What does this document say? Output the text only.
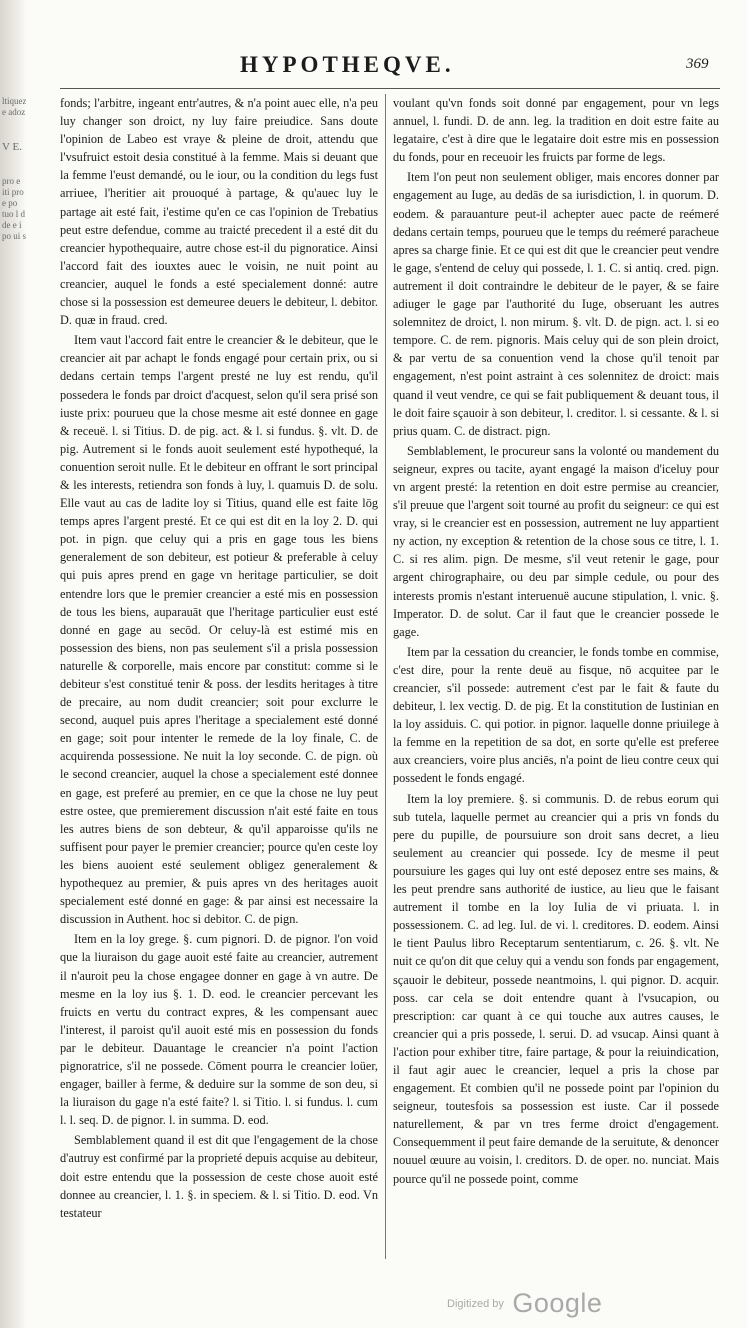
ltiquez e adoz
V E.
pro e iti pro e po tuo l d de e i po ui s
HYPOTHEQVE.	369

fonds; l'arbitre, ingeant entr'autres, & n'a point auec elle, n'a peu luy changer son droict, ny luy faire preiudice. Sans doute l'opinion de Labeo est vraye & pleine de droit, attendu que l'vsufruict estoit desia constitué à la femme. Mais si deuant que la femme l'eust demandé, ou le iour, ou la condition du legs fust arriuee, l'heritier ait prouoqué à partage, & qu'auec luy le partage ait esté fait, i'estime qu'en ce cas l'opinion de Trebatius peut estre defendue, comme au traicté precedent il a esté dit du creancier hypothequaire, autre chose est-il du pignoratice. Ainsi l'accord fait des iouxtes auec le voisin, ne nuit point au creancier, auquel le fonds a esté specialement donné: autre chose si la possession est demeuree deuers le debiteur, l. debitor. D. quæ in fraud. cred.

Item vaut l'accord fait entre le creancier & le debiteur, que le creancier ait par achapt le fonds engagé pour certain prix, ou si dedans certain temps l'argent presté ne luy est rendu, qu'il possedera le fonds par droict d'acquest, selon qu'il sera prisé son iuste prix: pourueu que la chose mesme ait esté donnee en gage & receuë. l. si Titius. D. de pig. act. & l. si fundus. §. vlt. D. de pig. Autrement si le fonds auoit seulement esté hypothequé, la conuention seroit nulle. Et le debiteur en offrant le sort principal & les interests, retiendra son fonds à luy, l. quamuis D. de solu. Elle vaut au cas de ladite loy si Titius, quand elle est faite lōg temps apres l'argent presté. Et ce qui est dit en la loy 2. D. qui pot. in pign. que celuy qui a pris en gage tous les biens generalement de son debiteur, est potieur & preferable à celuy qui puis apres prend en gage vn heritage particulier, se doit entendre lors que le premier creancier a esté mis en possession de tous les biens, auparauāt que l'heritage particulier eust esté donné en gage au secōd. Or celuy-là est estimé mis en possession des biens, non pas seulement s'il a prisla possession naturelle & corporelle, mais encore par constitut: comme si le debiteur s'est constitué tenir & poss. der lesdits heritages à titre de precaire, au nom dudit creancier; soit pour exclurre le second, auquel puis apres l'heritage a specialement esté donné en gage; soit pour intenter le remede de la loy finale, C. de acquirenda possessione. Ne nuit la loy seconde. C. de pign. où le second creancier, auquel la chose a specialement esté donnee en gage, est preferé au premier, en ce que la chose ne luy peut estre ostee, que premierement discussion n'ait esté faite en tous les autres biens de son debteur, & qu'il apparoisse qu'ils ne suffisent pour payer le premier creancier; pource qu'en ceste loy les biens auoient esté seulement obligez generalement & hypothequez au premier, & puis apres vn des heritages auoit specialement esté donné en gage: & par ainsi est necessaire la discussion in Authent. hoc si debitor. C. de pign.

Item en la loy grege. §. cum pignori. D. de pignor. l'on void que la liuraison du gage auoit esté faite au creancier, autrement il n'auroit peu la chose engagee donner en gage à vn autre. De mesme en la loy ius §. 1. D. eod. le creancier percevant les fruicts en vertu du contract expres, & les compensant auec l'interest, il paroist qu'il auoit esté mis en possession du fonds par le debiteur. Dauantage le creancier n'a point l'action pignoratrice, s'il ne possede. Cōment pourra le creancier loüer, engager, bailler à ferme, & deduire sur la somme de son deu, si la liuraison du gage n'a esté faite? l. si Titio. l. si fundus. l. cum l. l. seq. D. de pignor. l. in summa. D. eod.

Semblablement quand il est dit que l'engagement de la chose d'autruy est confirmé par la proprieté depuis acquise au debiteur, doit estre entendu que la possession de ceste chose auoit esté donnee au creancier, l. 1. §. in speciem. & l. si Titio. D. eod. Vn testateur

voulant qu'vn fonds soit donné par engagement, pour vn legs annuel, l. fundi. D. de ann. leg. la tradition en doit estre faite au legataire, c'est à dire que le legataire doit estre mis en possession du fonds, pour en receuoir les fruicts par forme de legs.

Item l'on peut non seulement obliger, mais encores donner par engagement au Iuge, au dedās de sa iurisdiction, l. in quorum. D. eodem. & parauanture peut-il achepter auec pacte de reémeré dedans certain temps, pourueu que le temps du reémeré paracheue apres sa charge finie. Et ce qui est dit que le creancier peut vendre le gage, s'entend de celuy qui possede, l. 1. C. si antiq. cred. pign. autrement il doit contraindre le debiteur de le payer, & se faire adiuger le gage par l'authorité du Iuge, obseruant les autres solemnitez de droict, l. non mirum. §. vlt. D. de pign. act. l. si eo tempore. C. de rem. pignoris. Mais celuy qui de son plein droict, & par vertu de sa conuention vend la chose qu'il tenoit par engagement, n'est point astraint à ces solennitez de droict: mais quand il veut vendre, ce qui se fait publiquement & deuant tous, il le doit faire sçauoir à son debiteur, l. creditor. l. si cessante. & l. si prius quam. C. de distract. pign.

Semblablement, le procureur sans la volonté ou mandement du seigneur, expres ou tacite, ayant engagé la maison d'iceluy pour vn argent presté: la retention en doit estre permise au creancier, s'il preuue que l'argent soit tourné au profit du seigneur: ce qui est vray, si le creancier est en possession, autrement ne luy appartient ny action, ny exception & retention de la chose sous ce titre, l. 1. C. si res alim. pign. De mesme, s'il veut retenir le gage, pour argent chirographaire, ou deu par simple cedule, ou pour des interests promis n'estant interuenuë aucune stipulation, l. vnic. §. Imperator. D. de solut. Car il faut que le creancier possede le gage.

Item par la cessation du creancier, le fonds tombe en commise, c'est dire, pour la rente deuë au fisque, nō acquitee par le creancier, s'il possede: autrement c'est par le fait & faute du debiteur, l. lex vectig. D. de pig. Et la constitution de Iustinian en la loy assiduis. C. qui potior. in pignor. laquelle donne priuilege à la femme en la repetition de sa dot, en sorte qu'elle est preferee aux creanciers, voire plus anciēs, n'a point de lieu contre ceux qui possedent le fonds engagé.

Item la loy premiere. §. si communis. D. de rebus eorum qui sub tutela, laquelle permet au creancier qui a pris vn fonds du pere du pupille, de poursuiure son droit sans decret, a lieu seulement au creancier qui possede. Icy de mesme il peut poursuiure les gages qui luy ont esté deposez entre ses mains, & les peut prendre sans authorité de iustice, au lieu que le faisant autrement il tombe en la loy Iulia de vi priuata. l. in possessionem. C. ad leg. Iul. de vi. l. creditores. D. eodem. Ainsi le tient Paulus libro Receptarum sententiarum, c. 26. §. vlt. Ne nuit ce qu'on dit que celuy qui a vendu son fonds par engagement, sçauoir le debiteur, possede neantmoins, l. qui pignor. D. acquir. poss. car cela se doit entendre quant à l'vsucapion, ou prescription: car quant à ce qui touche aux autres causes, le creancier qui a pris possede, l. serui. D. ad vsucap. Ainsi quant à l'action pour exhiber titre, faire partage, & pour la reiuindication, il faut agir auec le creancier, lequel a pris la chose par engagement. Et combien qu'il ne possede point par l'opinion du seigneur, toutesfois sa possession est iuste. Car il possede naturellement, & par vn tres ferme droict d'engagement. Consequemment il peut faire demande de la seruitute, & denoncer nouuel œuure au voisin, l. creditors. D. de oper. no. nunciat. Mais pource qu'il ne possede point, comme

Digitized by Google
